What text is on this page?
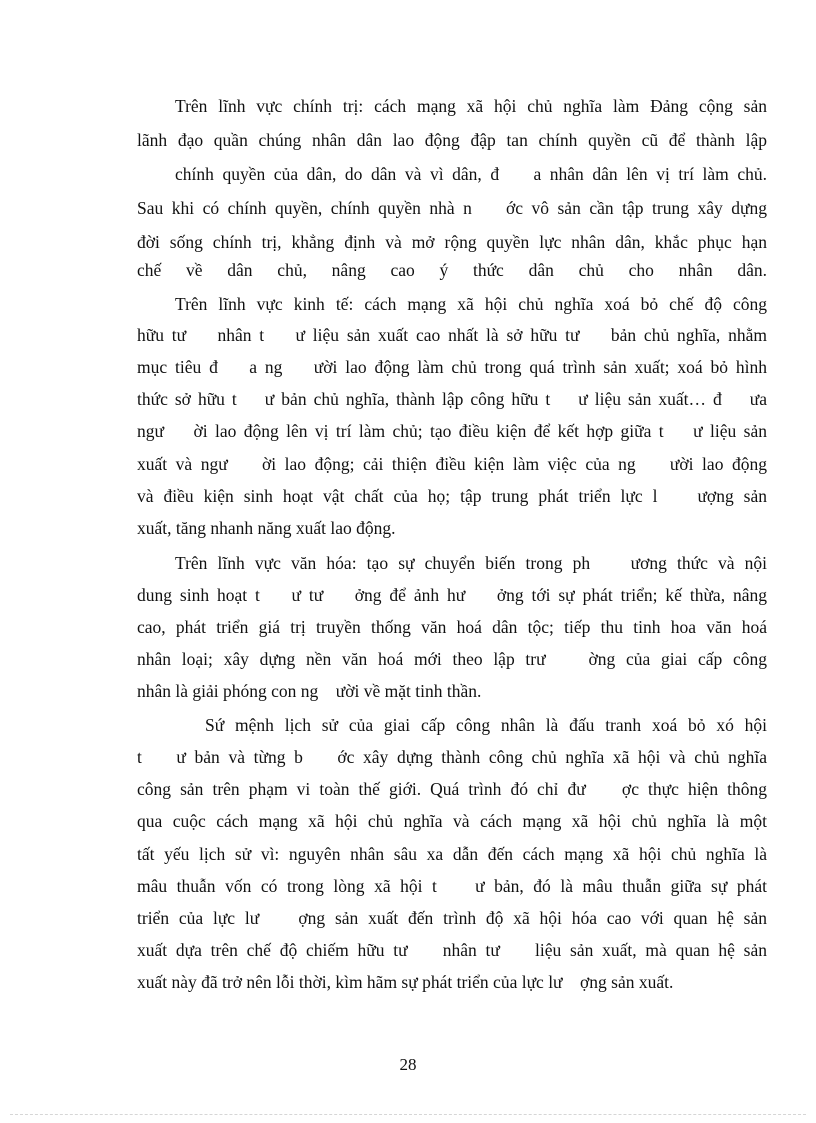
Trên lĩnh vực chính trị: cách mạng xã hội chủ nghĩa làm Đảng cộng sản
lãnh đạo quần chúng nhân dân lao động đập tan chính quyền cũ để thành lập
chính quyền của dân, do dân và vì dân, đ    a nhân dân lên vị trí làm chủ.
Sau khi có chính quyền, chính quyền nhà n    ớc vô sản cần tập trung xây dựng
đời sống chính trị, khẳng định và mở rộng quyền lực nhân dân, khắc phục hạn
chế về dân chủ, nâng cao ý thức dân chủ cho nhân dân.
Trên lĩnh vực kinh tế: cách mạng xã hội chủ nghĩa xoá bỏ chế độ công
hữu tư    nhân t    ư liệu sản xuất cao nhất là sở hữu tư    bản chủ nghĩa, nhằm
mục tiêu đ    a ng    ười lao động làm chủ trong quá trình sản xuất; xoá bỏ hình
thức sở hữu t    ư bản chủ nghĩa, thành lập công hữu t    ư liệu sản xuất… đ    ưa
ngư    ời lao động lên vị trí làm chủ; tạo điều kiện để kết hợp giữa t    ư liệu sản
xuất và ngư    ời lao động; cải thiện điều kiện làm việc của ng    ười lao động
và điều kiện sinh hoạt vật chất của họ; tập trung phát triển lực l    ượng sản
xuất, tăng nhanh năng xuất lao động.
Trên lĩnh vực văn hóa: tạo sự chuyển biến trong ph    ương thức và nội
dung sinh hoạt t    ư tư    ởng để ảnh hư    ởng tới sự phát triển; kế thừa, nâng
cao, phát triển giá trị truyền thống văn hoá dân tộc; tiếp thu tinh hoa văn hoá
nhân loại; xây dựng nền văn hoá mới theo lập trư    ờng của giai cấp công
nhân là giải phóng con ng    ười về mặt tinh thần.
Sứ mệnh lịch sử của giai cấp công nhân là đấu tranh xoá bỏ xó hội
t    ư bản và từng b    ớc xây dựng thành công chủ nghĩa xã hội và chủ nghĩa
công sản trên phạm vi toàn thế giới. Quá trình đó chỉ đư    ợc thực hiện thông
qua cuộc cách mạng xã hội chủ nghĩa và cách mạng xã hội chủ nghĩa là một
tất yếu lịch sử vì: nguyên nhân sâu xa dẫn đến cách mạng xã hội chủ nghĩa là
mâu thuẫn vốn có trong lòng xã hội t    ư bản, đó là mâu thuẫn giữa sự phát
triển của lực lư    ợng sản xuất đến trình độ xã hội hóa cao với quan hệ sản
xuất dựa trên chế độ chiếm hữu tư    nhân tư    liệu sản xuất, mà quan hệ sản
xuất này đã trở nên lỗi thời, kìm hãm sự phát triển của lực lư    ợng sản xuất.
28
